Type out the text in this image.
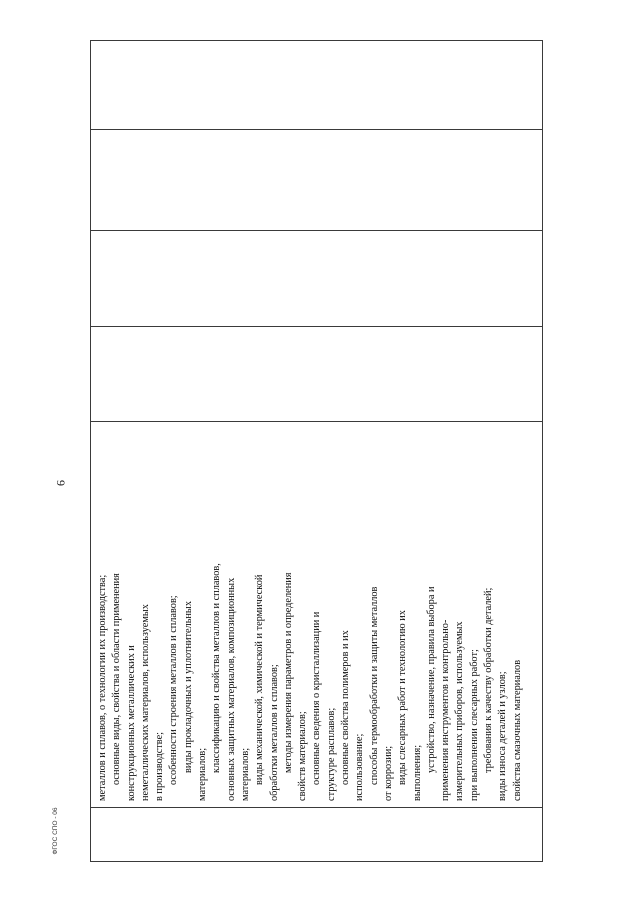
9
металлов и сплавов, о технологии их производства; основные виды, свойства и области применения конструкционных металлических и неметаллических материалов, используемых в производстве; особенности строения металлов и сплавов; виды прокладочных и уплотнительных
материалов;
классификацию и свойства металлов и сплавов, основных защитных материалов, композиционных материалов; виды механической, химической и термической обработки металлов и сплавов; методы измерения параметров и определения свойств материалов; основные сведения о кристаллизации и структуре расплавов; основные свойства полимеров и их использование; способы термообработки и защиты металлов от коррозии; виды слесарных работ и технологию их выполнения; устройство, назначение, правила выбора и применения инструментов и контрольно- измерительных приборов, используемых при выполнении слесарных работ; требования к качеству обработки деталей; виды износа деталей и узлов; свойства смазочных материалов
ФГОС СПО - 06
